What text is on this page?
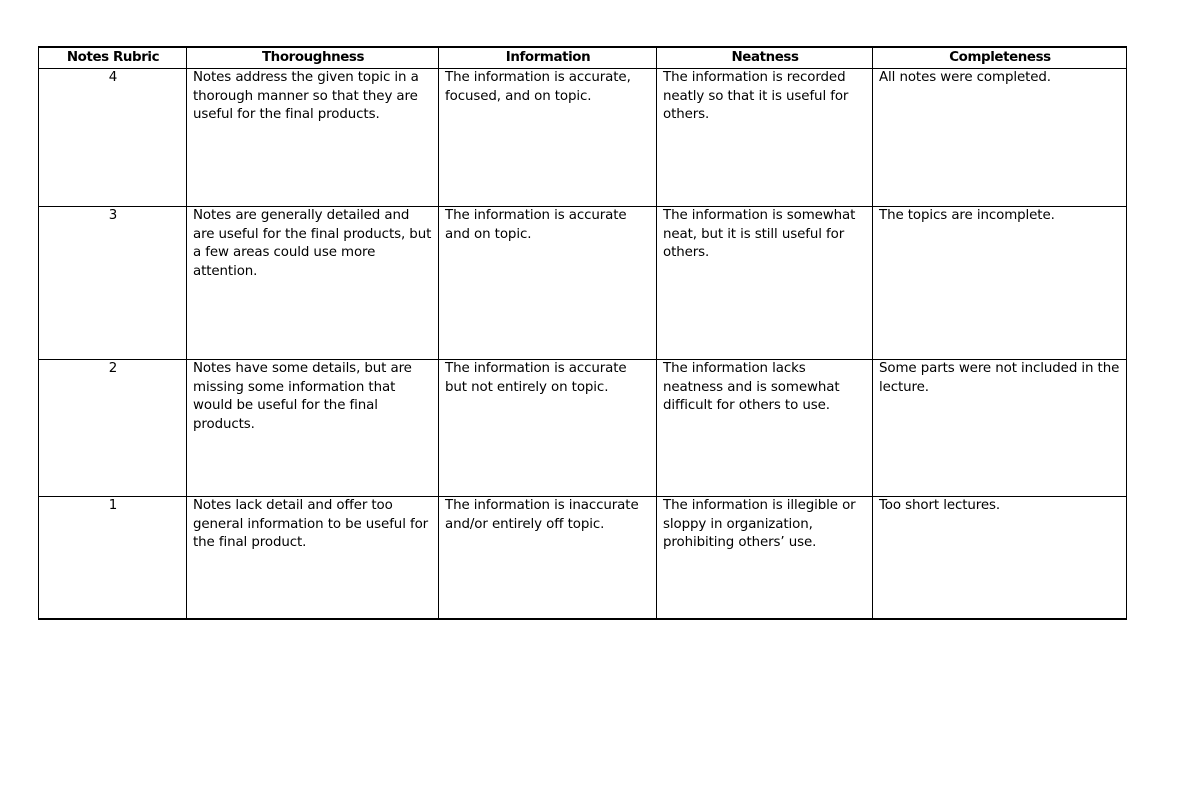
Notes Rubric	Thoroughness	Information	Neatness	Completeness
4	Notes address the given topic in a thorough manner so that they are useful for the final products.	The information is accurate, focused, and on topic.	The information is recorded neatly so that it is useful for others.	All notes were completed.
3	Notes are generally detailed and are useful for the final products, but a few areas could use more attention.	The information is accurate and on topic.	The information is somewhat neat, but it is still useful for others.	The topics are incomplete.
2	Notes have some details, but are missing some information that would be useful for the final products.	The information is accurate but not entirely on topic.	The information lacks neatness and is somewhat difficult for others to use.	Some parts were not included in the lecture.
1	Notes lack detail and offer too general information to be useful for the final product.	The information is inaccurate and/or entirely off topic.	The information is illegible or sloppy in organization, prohibiting others’ use.	Too short lectures.
